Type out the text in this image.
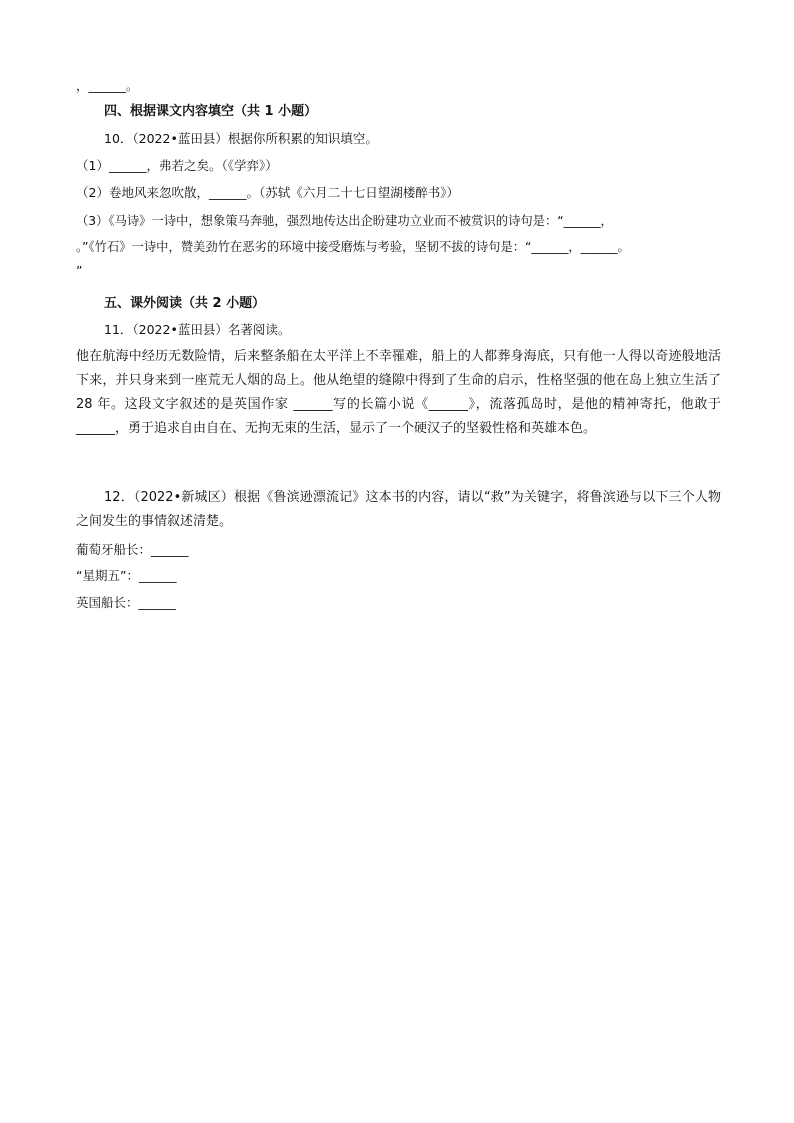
，______。
四、根据课文内容填空（共 1 小题）
10．（2022•蓝田县）根据你所积累的知识填空。
（1）______，弗若之矣。（《学弈》）
（2）卷地风来忽吹散，______。（苏轼《六月二十七日望湖楼醉书》）
（3）《马诗》一诗中，想象策马奔驰，强烈地传达出企盼建功立业而不被赏识的诗句是：“______，
。”《竹石》一诗中，赞美劲竹在恶劣的环境中接受磨炼与考验，坚韧不拔的诗句是：“______，______。
”
五、课外阅读（共 2 小题）
11．（2022•蓝田县）名著阅读。
他在航海中经历无数险情，后来整条船在太平洋上不幸罹难，船上的人都葬身海底，只有他一人得以奇迹般地活下来，并只身来到一座荒无人烟的岛上。他从绝望的缝隙中得到了生命的启示，性格坚强的他在岛上独立生活了 28 年。这段文字叙述的是英国作家 ______写的长篇小说《______》，流落孤岛时，是他的精神寄托，他敢于______，勇于追求自由自在、无拘无束的生活，显示了一个硬汉子的坚毅性格和英雄本色。
12．（2022•新城区）根据《鲁滨逊漂流记》这本书的内容，请以“救”为关键字，将鲁滨逊与以下三个人物之间发生的事情叙述清楚。
葡萄牙船长：______
“星期五”：______
英国船长：______
